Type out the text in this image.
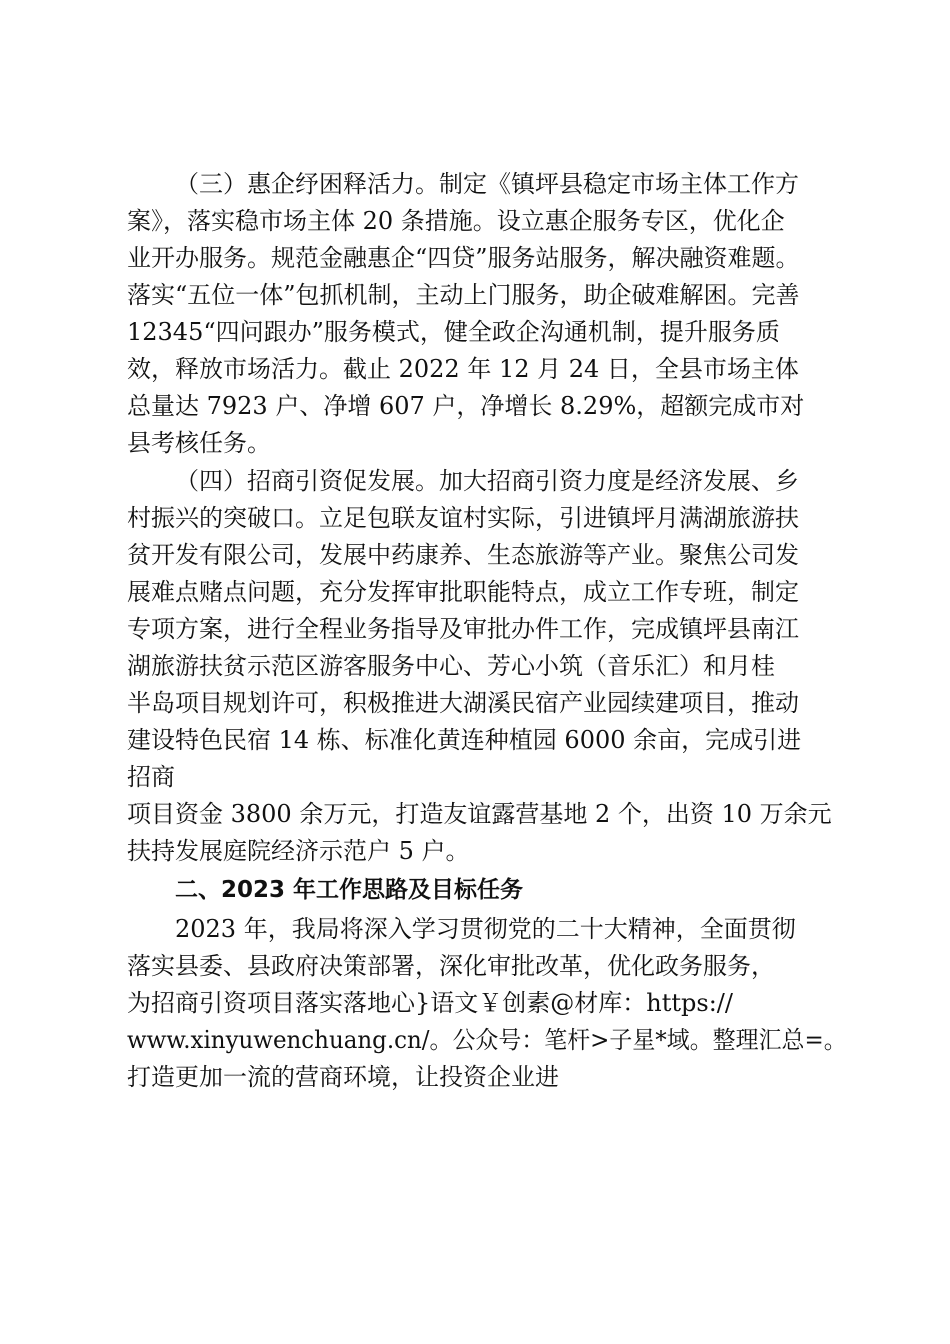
（三）惠企纾困释活力。制定《镇坪县稳定市场主体工作方
案》，落实稳市场主体 20 条措施。设立惠企服务专区，优化企
业开办服务。规范金融惠企“四贷”服务站服务，解决融资难题。
落实“五位一体”包抓机制，主动上门服务，助企破难解困。完善
12345“四问跟办”服务模式，健全政企沟通机制，提升服务质
效，释放市场活力。截止 2022 年 12 月 24 日，全县市场主体
总量达 7923 户、净增 607 户，净增长 8.29%，超额完成市对
县考核任务。
（四）招商引资促发展。加大招商引资力度是经济发展、乡
村振兴的突破口。立足包联友谊村实际，引进镇坪月满湖旅游扶
贫开发有限公司，发展中药康养、生态旅游等产业。聚焦公司发
展难点赌点问题，充分发挥审批职能特点，成立工作专班，制定
专项方案，进行全程业务指导及审批办件工作，完成镇坪县南江
湖旅游扶贫示范区游客服务中心、芳心小筑（音乐汇）和月桂
半岛项目规划许可，积极推进大湖溪民宿产业园续建项目，推动
建设特色民宿 14 栋、标准化黄连种植园 6000 余亩，完成引进
招商
项目资金 3800 余万元，打造友谊露营基地 2 个，出资 10 万余元
扶持发展庭院经济示范户 5 户。
二、2023 年工作思路及目标任务
2023 年，我局将深入学习贯彻党的二十大精神，全面贯彻
落实县委、县政府决策部署，深化审批改革，优化政务服务，
为招商引资项目落实落地心}语文￥创素@材库：https://
www.xinyuwenchuang.cn/。公众号：笔杆>子星*域。整理汇总=。
打造更加一流的营商环境，让投资企业进
